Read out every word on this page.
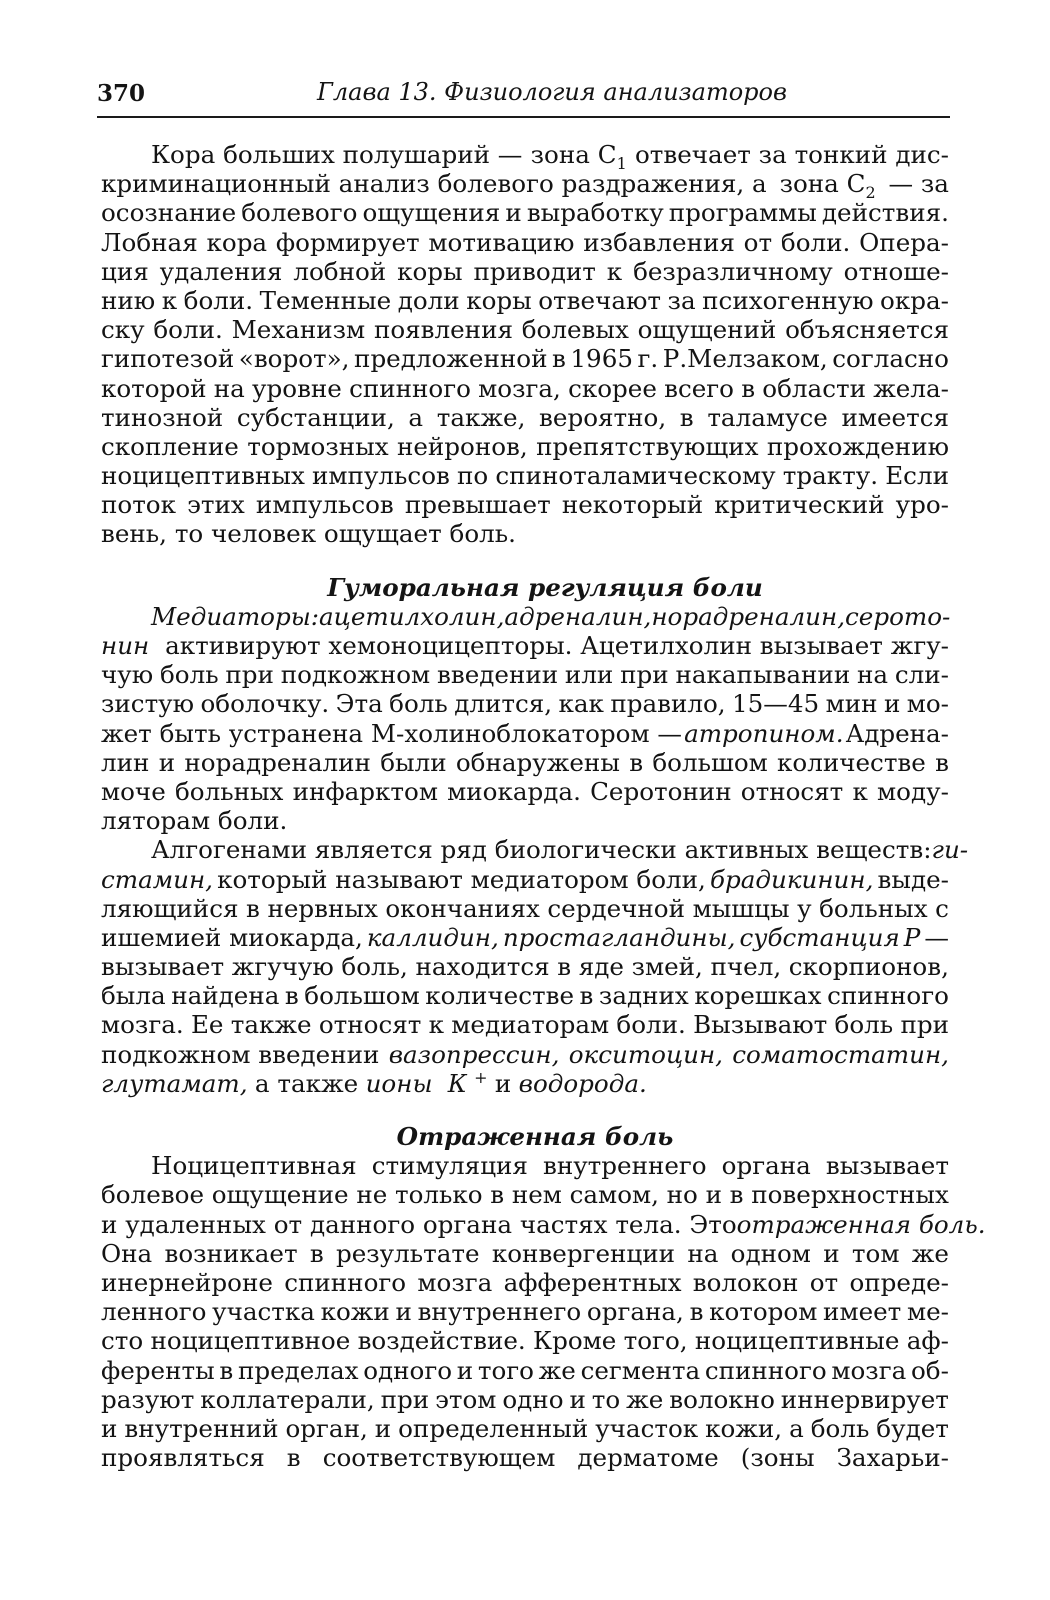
370	Глава 13. Физиология анализаторов
Кора больших полушарий — зона $С_1$ отвечает за тонкий дис-
криминационный анализ болевого раздражения, а зона $С_2$ — за
осознание болевого ощущения и выработку программы действия.
Лобная кора формирует мотивацию избавления от боли. Опера-
ция удаления лобной коры приводит к безразличному отноше-
нию к боли. Теменные доли коры отвечают за психогенную окра-
ску боли. Механизм появления болевых ощущений объясняется
гипотезой «ворот», предложенной в 1965 г. Р.Мелзаком, согласно
которой на уровне спинного мозга, скорее всего в области жела-
тинозной субстанции, а также, вероятно, в таламусе имеется
скопление тормозных нейронов, препятствующих прохождению
ноцицептивных импульсов по спиноталамическому тракту. Если
поток этих импульсов превышает некоторый критический уро-
вень, то человек ощущает боль.
Гуморальная регуляция боли
Медиаторы: ацетилхолин, адреналин, норадреналин, серото-
нин активируют хемоноцицепторы. Ацетилхолин вызывает жгу-
чую боль при подкожном введении или при накапывании на сли-
зистую оболочку. Эта боль длится, как правило, 15—45 мин и мо-
жет быть устранена М-холиноблокатором — атропином. Адрена-
лин и норадреналин были обнаружены в большом количестве в
моче больных инфарктом миокарда. Серотонин относят к моду-
ляторам боли.
Алгогенами является ряд биологически активных веществ: ги-
стамин, который называют медиатором боли, брадикинин, выде-
ляющийся в нервных окончаниях сердечной мышцы у больных с
ишемией миокарда, каллидин, простагландины, субстанция Р —
вызывает жгучую боль, находится в яде змей, пчел, скорпионов,
была найдена в большом количестве в задних корешках спинного
мозга. Ее также относят к медиаторам боли. Вызывают боль при
подкожном введении вазопрессин, окситоцин, соматостатин,
глутамат, а также ионы К + и водорода.
Отраженная боль
Ноцицептивная стимуляция внутреннего органа вызывает
болевое ощущение не только в нем самом, но и в поверхностных
и удаленных от данного органа частях тела. Это отраженная боль.
Она возникает в результате конвергенции на одном и том же
инернейроне спинного мозга афферентных волокон от опреде-
ленного участка кожи и внутреннего органа, в котором имеет ме-
сто ноцицептивное воздействие. Кроме того, ноцицептивные аф-
ференты в пределах одного и того же сегмента спинного мозга об-
разуют коллатерали, при этом одно и то же волокно иннервирует
и внутренний орган, и определенный участок кожи, а боль будет
проявляться в соответствующем дерматоме (зоны Захарьи-
